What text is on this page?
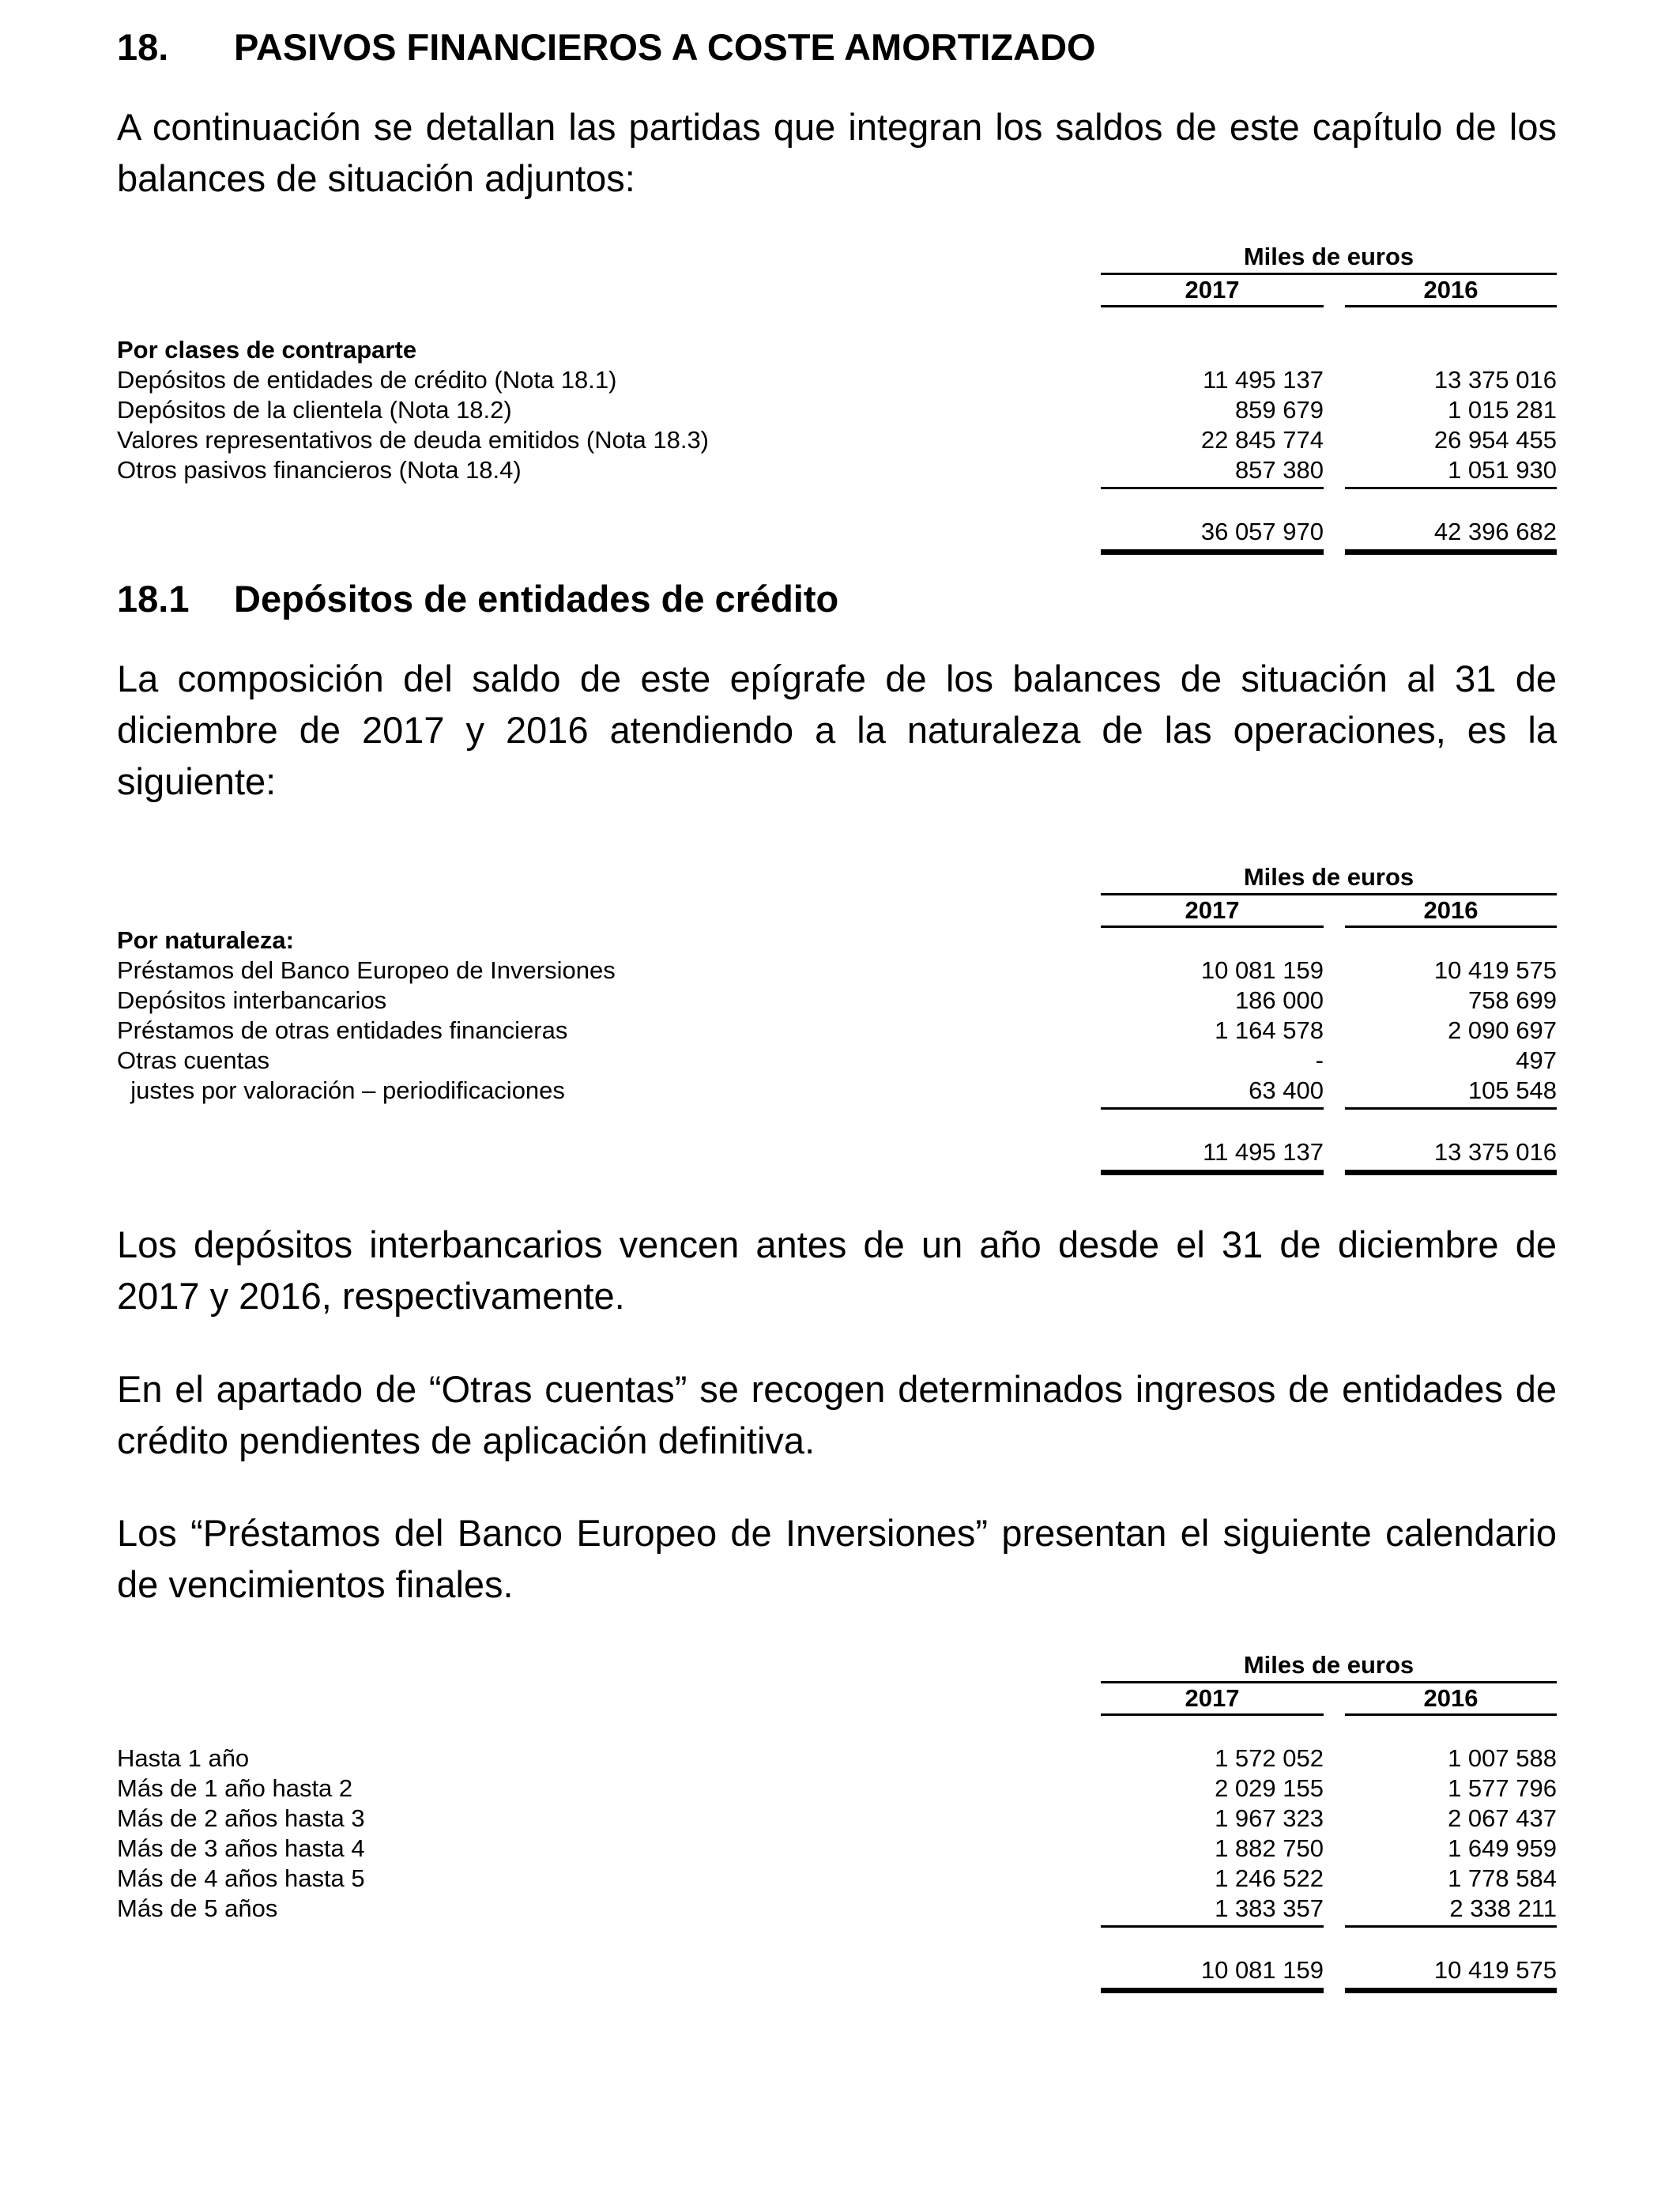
18.	PASIVOS FINANCIEROS A COSTE AMORTIZADO

A continuación se detallan las partidas que integran los saldos de este capítulo de los balances de situación adjuntos:

Miles de euros
2017	2016
Por clases de contraparte
Depósitos de entidades de crédito (Nota 18.1)	11 495 137	13 375 016
Depósitos de la clientela (Nota 18.2)	859 679	1 015 281
Valores representativos de deuda emitidos (Nota 18.3)	22 845 774	26 954 455
Otros pasivos financieros (Nota 18.4)	857 380	1 051 930
36 057 970	42 396 682
18.1	Depósitos de entidades de crédito

La composición del saldo de este epígrafe de los balances de situación al 31 de diciembre de 2017 y 2016 atendiendo a la naturaleza de las operaciones, es la siguiente:

Miles de euros
2017	2016
Por naturaleza:
Préstamos del Banco Europeo de Inversiones	10 081 159	10 419 575
Depósitos interbancarios	186 000	758 699
Préstamos de otras entidades financieras	1 164 578	2 090 697
Otras cuentas	-	497
justes por valoración – periodificaciones	63 400	105 548
11 495 137	13 375 016

Los depósitos interbancarios vencen antes de un año desde el 31 de diciembre de 2017 y 2016, respectivamente.

En el apartado de “Otras cuentas” se recogen determinados ingresos de entidades de crédito pendientes de aplicación definitiva.

Los “Préstamos del Banco Europeo de Inversiones” presentan el siguiente calendario de vencimientos finales.

Miles de euros
2017	2016
Hasta 1 año	1 572 052	1 007 588
Más de 1 año hasta 2	2 029 155	1 577 796
Más de 2 años hasta 3	1 967 323	2 067 437
Más de 3 años hasta 4	1 882 750	1 649 959
Más de 4 años hasta 5	1 246 522	1 778 584
Más de 5 años	1 383 357	2 338 211
10 081 159	10 419 575
